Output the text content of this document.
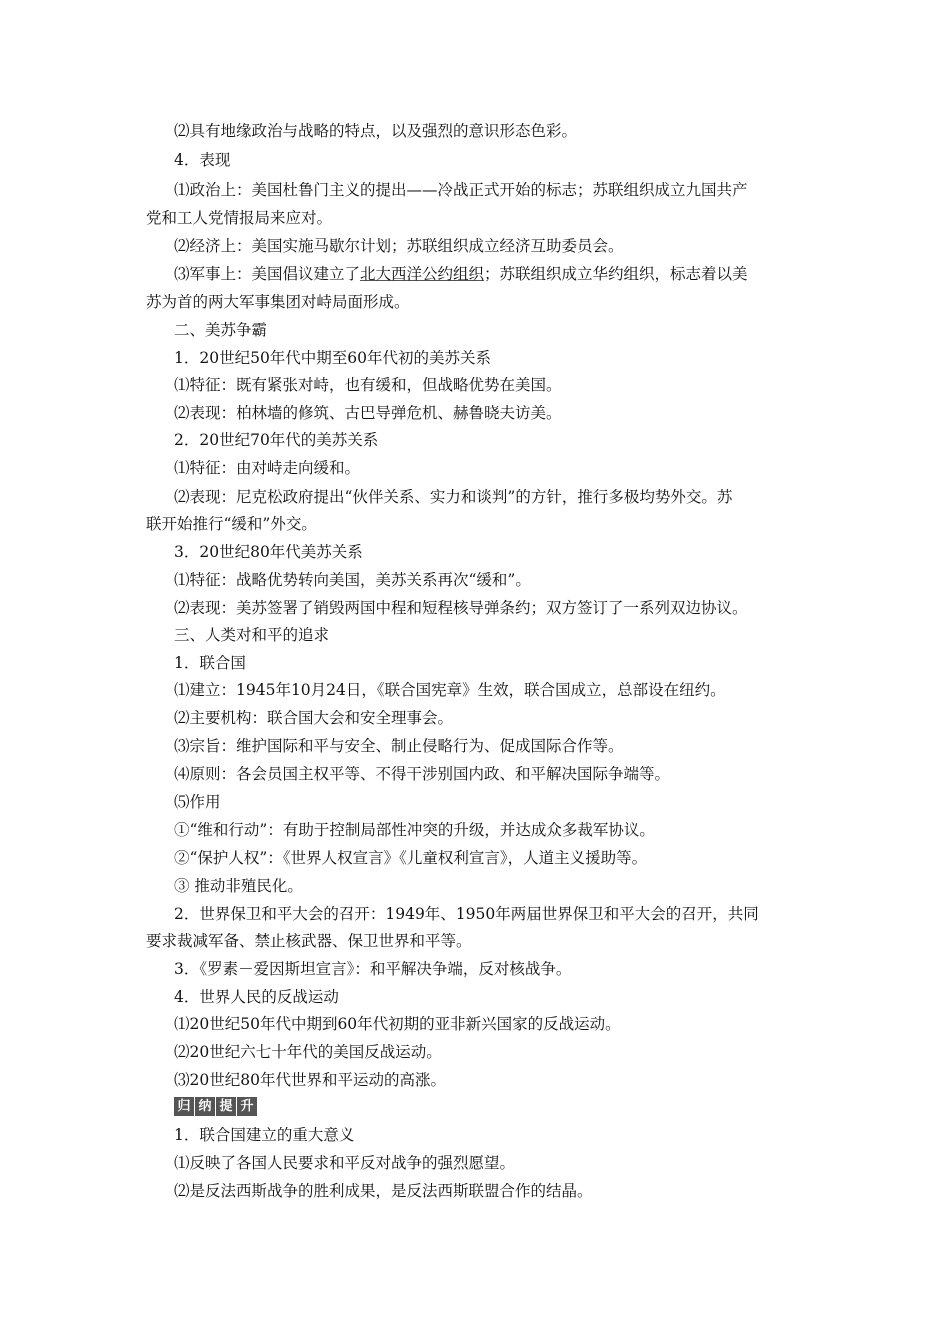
⑵具有地缘政治与战略的特点，以及强烈的意识形态色彩。
4．表现
⑴政治上：美国杜鲁门主义的提出——冷战正式开始的标志；苏联组织成立九国共产
党和工人党情报局来应对。
⑵经济上：美国实施马歇尔计划；苏联组织成立经济互助委员会。
⑶军事上：美国倡议建立了北大西洋公约组织；苏联组织成立华约组织，标志着以美
苏为首的两大军事集团对峙局面形成。
二、美苏争霸
1．20世纪50年代中期至60年代初的美苏关系
⑴特征：既有紧张对峙，也有缓和，但战略优势在美国。
⑵表现：柏林墙的修筑、古巴导弹危机、赫鲁晓夫访美。
2．20世纪70年代的美苏关系
⑴特征：由对峙走向缓和。
⑵表现：尼克松政府提出“伙伴关系、实力和谈判”的方针，推行多极均势外交。苏
联开始推行“缓和”外交。
3．20世纪80年代美苏关系
⑴特征：战略优势转向美国，美苏关系再次“缓和”。
⑵表现：美苏签署了销毁两国中程和短程核导弹条约；双方签订了一系列双边协议。
三、人类对和平的追求
1．联合国
⑴建立：1945年10月24日，《联合国宪章》生效，联合国成立，总部设在纽约。
⑵主要机构：联合国大会和安全理事会。
⑶宗旨：维护国际和平与安全、制止侵略行为、促成国际合作等。
⑷原则：各会员国主权平等、不得干涉别国内政、和平解决国际争端等。
⑸作用
①“维和行动”：有助于控制局部性冲突的升级，并达成众多裁军协议。
②“保护人权”：《世界人权宣言》《儿童权利宣言》，人道主义援助等。
③ 推动非殖民化。
2．世界保卫和平大会的召开：1949年、1950年两届世界保卫和平大会的召开，共同
要求裁减军备、禁止核武器、保卫世界和平等。
3．《罗素－爱因斯坦宣言》：和平解决争端，反对核战争。
4．世界人民的反战运动
⑴20世纪50年代中期到60年代初期的亚非新兴国家的反战运动。
⑵20世纪六七十年代的美国反战运动。
⑶20世纪80年代世界和平运动的高涨。
归 纳 提 升
1．联合国建立的重大意义
⑴反映了各国人民要求和平反对战争的强烈愿望。
⑵是反法西斯战争的胜利成果，是反法西斯联盟合作的结晶。
